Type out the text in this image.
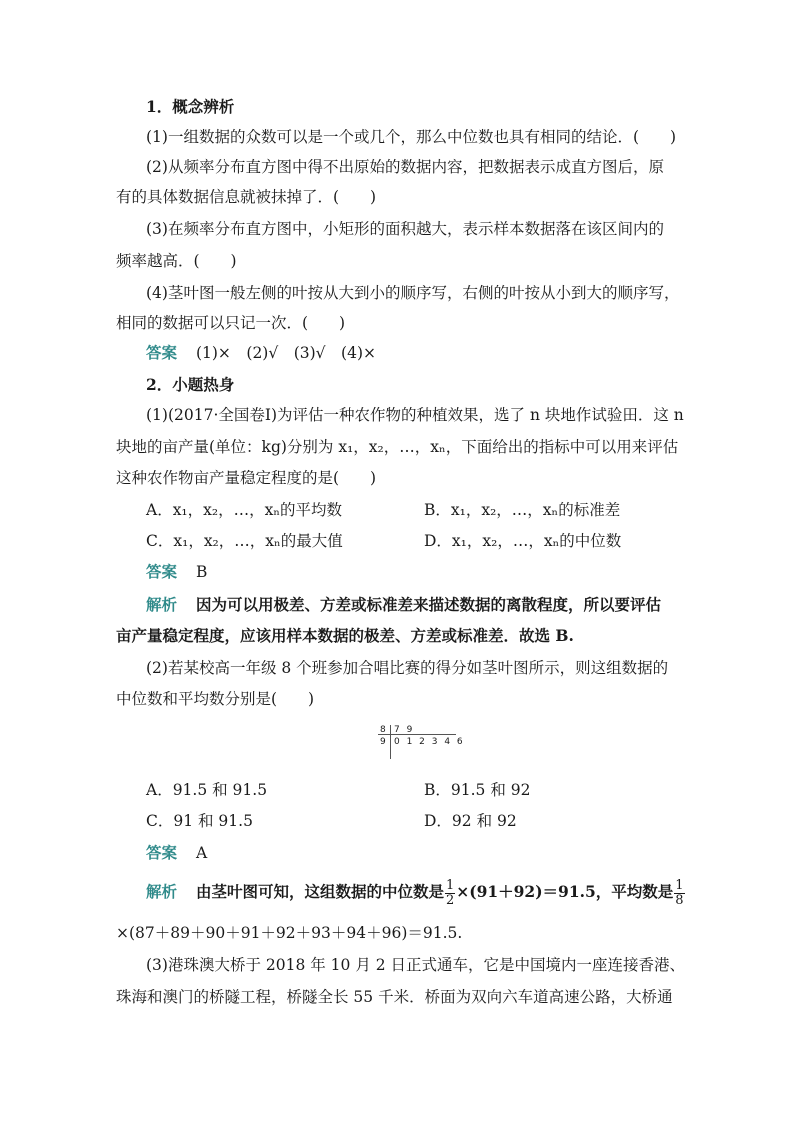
1．概念辨析
(1)一组数据的众数可以是一个或几个，那么中位数也具有相同的结论．(　　)
(2)从频率分布直方图中得不出原始的数据内容，把数据表示成直方图后，原
有的具体数据信息就被抹掉了．(　　)
(3)在频率分布直方图中，小矩形的面积越大，表示样本数据落在该区间内的
频率越高．(　　)
(4)茎叶图一般左侧的叶按从大到小的顺序写，右侧的叶按从小到大的顺序写，
相同的数据可以只记一次．(　　)
答案 (1)×　(2)√　(3)√　(4)×
2．小题热身
(1)(2017·全国卷Ⅰ)为评估一种农作物的种植效果，选了 n 块地作试验田．这 n
块地的亩产量(单位：kg)分别为 x₁，x₂，…，xₙ，下面给出的指标中可以用来评估
这种农作物亩产量稳定程度的是(　　)
A．x₁，x₂，…，xₙ的平均数	B．x₁，x₂，…，xₙ的标准差
C．x₁，x₂，…，xₙ的最大值	D．x₁，x₂，…，xₙ的中位数
答案 B
解析 因为可以用极差、方差或标准差来描述数据的离散程度，所以要评估
亩产量稳定程度，应该用样本数据的极差、方差或标准差．故选 B.
(2)若某校高一年级 8 个班参加合唱比赛的得分如茎叶图所示，则这组数据的
中位数和平均数分别是(　　)
8 7 9
9 0 1 2 3 4 6
A．91.5 和 91.5	B．91.5 和 92
C．91 和 91.5	D．92 和 92
答案 A
解析 由茎叶图可知，这组数据的中位数是 $\frac{1}{2} \times(91+92)=91.5$，平均数是 $\frac{1}{8}$
×(87＋89＋90＋91＋92＋93＋94＋96)＝91.5.
(3)港珠澳大桥于 2018 年 10 月 2 日正式通车，它是中国境内一座连接香港、
珠海和澳门的桥隧工程，桥隧全长 55 千米．桥面为双向六车道高速公路，大桥通
